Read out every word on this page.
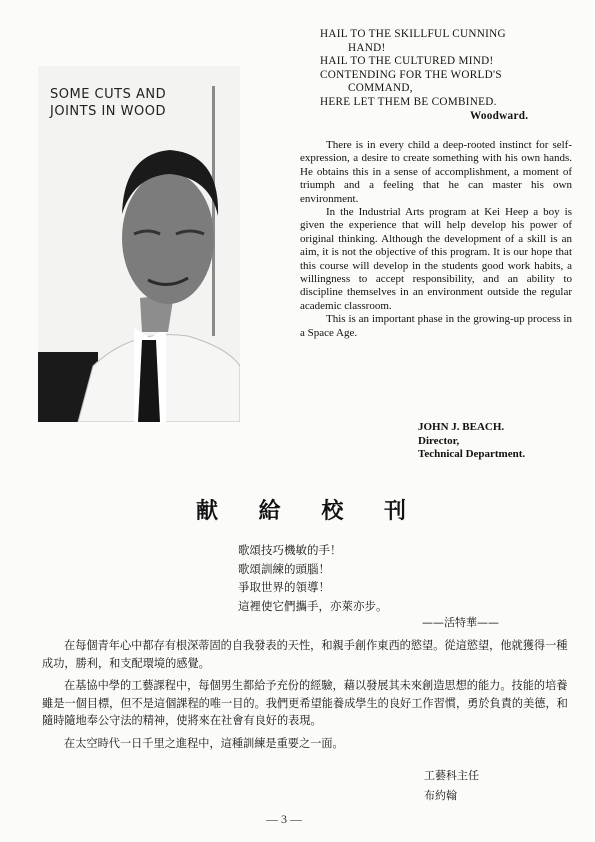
SOME CUTS AND
JOINTS IN WOOD
HAIL TO THE SKILLFUL CUNNING
HAND!
HAIL TO THE CULTURED MIND!
CONTENDING FOR THE WORLD'S
COMMAND,
HERE LET THEM BE COMBINED.
Woodward.

There is in every child a deep-rooted instinct for self-expression, a desire to create something with his own hands. He obtains this in a sense of accomplishment, a moment of triumph and a feeling that he can master his own environment.

In the Industrial Arts program at Kei Heep a boy is given the experience that will help develop his power of original thinking. Although the development of a skill is an aim, it is not the objective of this program. It is our hope that this course will develop in the students good work habits, a willingness to accept responsibility, and an ability to discipline themselves in an environment outside the regular academic classroom.

This is an important phase in the growing-up process in a Space Age.

JOHN J. BEACH.
Director,
Technical Department.
献 給 校 刊
歌頌技巧機敏的手！
歌頌訓練的頭腦！
爭取世界的領導！
這裡使它們攜手，亦萊亦步。
——活特華——

在每個青年心中都存有根深蒂固的自我發表的天性，和親手創作東西的慾望。從這慾望，他就獲得一種成功，勝利，和支配環境的感覺。

在基協中學的工藝課程中，每個男生都給予充份的經驗，藉以發展其未來創造思想的能力。技能的培養雖是一個目標，但不是這個課程的唯一目的。我們更希望能養成學生的良好工作習慣，勇於負責的美德，和隨時隨地奉公守法的精神，使將來在社會有良好的表現。

在太空時代一日千里之進程中，這種訓練是重要之一面。

工藝科主任
布約翰
— 3 —
